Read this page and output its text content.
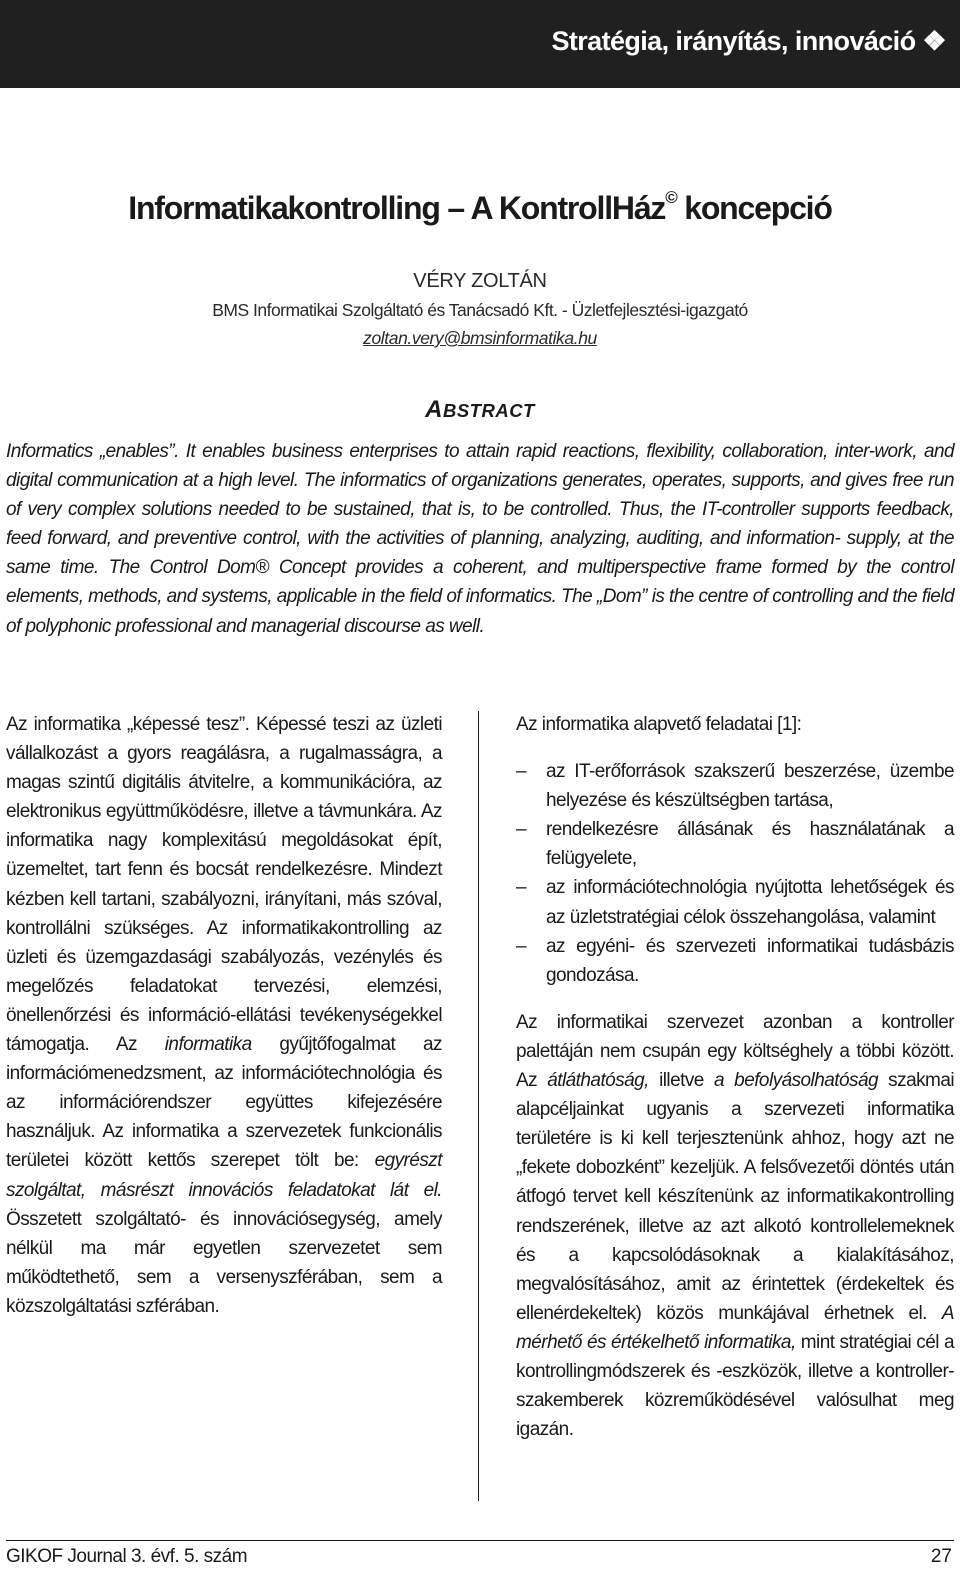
Stratégia, irányítás, innováció ❖
Informatikakontrolling – A KontrollHáz© koncepció
VÉRY ZOLTÁN
BMS Informatikai Szolgáltató és Tanácsadó Kft. - Üzletfejlesztési-igazgató
zoltan.very@bmsinformatika.hu
ABSTRACT
Informatics „enables”. It enables business enterprises to attain rapid reactions, flexibility, collaboration, inter-work, and digital communication at a high level. The informatics of organizations generates, operates, supports, and gives free run of very complex solutions needed to be sustained, that is, to be controlled. Thus, the IT-controller supports feedback, feed forward, and preventive control, with the activities of planning, analyzing, auditing, and information- supply, at the same time. The Control Dom® Concept provides a coherent, and multiperspective frame formed by the control elements, methods, and systems, applicable in the field of informatics. The „Dom” is the centre of controlling and the field of polyphonic professional and managerial discourse as well.

Az informatika „képessé tesz”. Képessé teszi az üzleti vállalkozást a gyors reagálásra, a rugalmasságra, a magas szintű digitális átvitelre, a kommunikációra, az elektronikus együttműködésre, illetve a távmunkára. Az informatika nagy komplexitású megoldásokat épít, üzemeltet, tart fenn és bocsát rendelkezésre. Mindezt kézben kell tartani, szabályozni, irányítani, más szóval, kontrollálni szükséges. Az informatikakontrolling az üzleti és üzemgazdasági szabályozás, vezénylés és megelőzés feladatokat tervezési, elemzési, önellenőrzési és információ-ellátási tevékenységekkel támogatja. Az informatika gyűjtőfogalmat az információmenedzsment, az információtechnológia és az információrendszer együttes kifejezésére használjuk. Az informatika a szervezetek funkcionális területei között kettős szerepet tölt be: egyrészt szolgáltat, másrészt innovációs feladatokat lát el. Összetett szolgáltató- és innovációsegység, amely nélkül ma már egyetlen szervezetet sem működtethető, sem a versenyszférában, sem a közszolgáltatási szférában.

Az informatika alapvető feladatai [1]:

– az IT-erőforrások szakszerű beszerzése, üzembe helyezése és készültségben tartása,
– rendelkezésre állásának és használatának a felügyelete,
– az információtechnológia nyújtotta lehetőségek és az üzletstratégiai célok összehangolása, valamint
– az egyéni- és szervezeti informatikai tudásbázis gondozása.

Az informatikai szervezet azonban a kontroller palettáján nem csupán egy költséghely a többi között. Az átláthatóság, illetve a befolyásolhatóság szakmai alapcéljainkat ugyanis a szervezeti informatika területére is ki kell terjesztenünk ahhoz, hogy azt ne „fekete dobozként” kezeljük. A felsővezetői döntés után átfogó tervet kell készítenünk az informatikakontrolling rendszerének, illetve az azt alkotó kontrollelemeknek és a kapcsolódásoknak a kialakításához, megvalósításához, amit az érintettek (érdekeltek és ellenérdekeltek) közös munkájával érhetnek el. A mérhető és értékelhető informatika, mint stratégiai cél a kontrollingmódszerek és -eszközök, illetve a kontroller-szakemberek közreműködésével valósulhat meg igazán.

GIKOF Journal 3. évf. 5. szám	27
